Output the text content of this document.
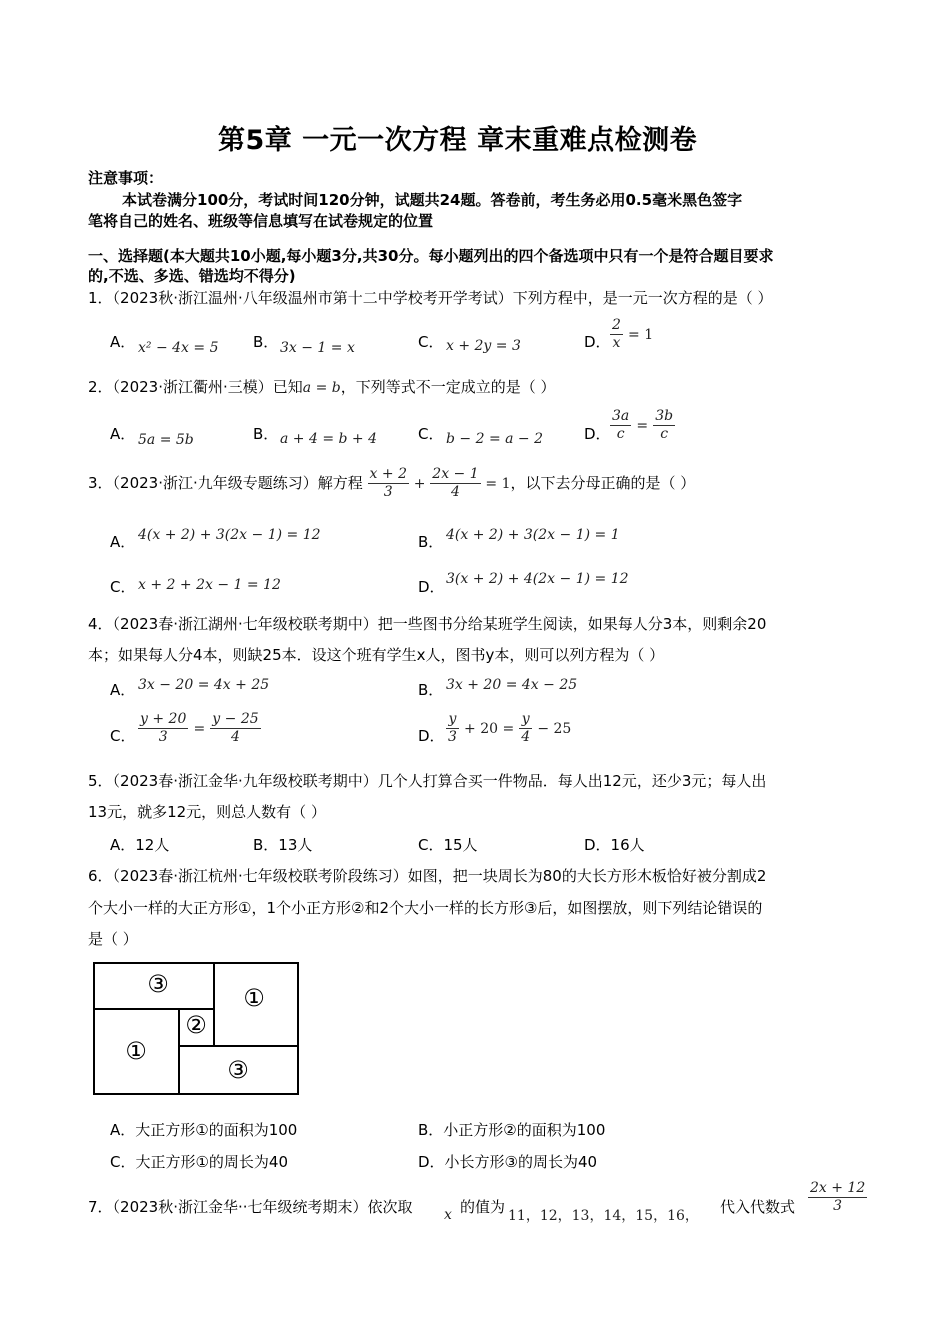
第5章 一元一次方程 章末重难点检测卷
注意事项：
本试卷满分100分，考试时间120分钟，试题共24题。答卷前，考生务必用0.5毫米黑色签字
笔将自己的姓名、班级等信息填写在试卷规定的位置
一、选择题(本大题共10小题,每小题3分,共30分。每小题列出的四个备选项中只有一个是符合题目要求
的,不选、多选、错选均不得分)
1．（2023秋·浙江温州·八年级温州市第十二中学校考开学考试）下列方程中，是一元一次方程的是（ ）
A． x² − 4x = 5 B． 3x − 1 = x	C． x + 2y = 3	D． $\frac{2}{x} = 1$
2．（2023·浙江衢州·三模）已知a = b，下列等式不一定成立的是（ ）
A． 5a = 5b	B． a + 4 = b + 4	C． b − 2 = a − 2	D． $\frac{3a}{c} = \frac{3b}{c}$
3．（2023·浙江·九年级专题练习）解方程 $\frac{x + 2}{3} + \frac{2x - 1}{4} = 1$，以下去分母正确的是（ ）
A． 4(x + 2) + 3(2x − 1) = 12	B． 4(x + 2) + 3(2x − 1) = 1
C． x + 2 + 2x − 1 = 12	D． 3(x + 2) + 4(2x − 1) = 12
4．（2023春·浙江湖州·七年级校联考期中）把一些图书分给某班学生阅读，如果每人分3本，则剩余20
本；如果每人分4本，则缺25本．设这个班有学生x人，图书y本，则可以列方程为（ ）
A． 3x − 20 = 4x + 25	B． 3x + 20 = 4x − 25
C． $\frac{y + 20}{3} = \frac{y - 25}{4}$	D． $\frac{y}{3} + 20 = \frac{y}{4} - 25$
5．（2023春·浙江金华·九年级校联考期中）几个人打算合买一件物品．每人出12元，还少3元；每人出
13元，就多12元，则总人数有（ ）
A．12人	B．13人	C．15人	D．16人
6．（2023春·浙江杭州·七年级校联考阶段练习）如图，把一块周长为80的大长方形木板恰好被分割成2
个大小一样的大正方形①，1个小正方形②和2个大小一样的长方形③后，如图摆放，则下列结论错误的
是（ ）
③	①
②
①
③
A．大正方形①的面积为100	B．小正方形②的面积为100
C．大正方形①的周长为40	D．小长方形③的周长为40
7．（2023秋·浙江金华··七年级统考期末）依次取 x 的值为 11，12，13，14，15，16， 代入代数式 $\frac{2x + 12}{3}$
